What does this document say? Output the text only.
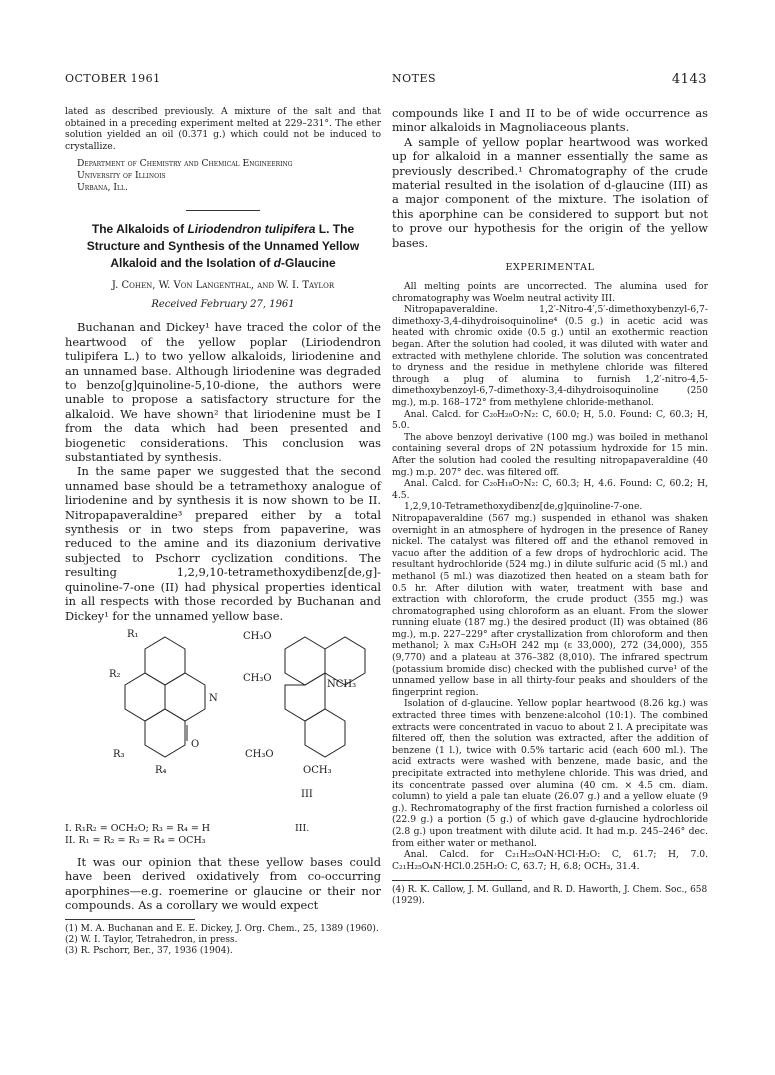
OCTOBER 1961	NOTES	4143

lated as described previously. A mixture of the salt and that obtained in a preceding experiment melted at 229–231°. The ether solution yielded an oil (0.371 g.) which could not be induced to crystallize.

Department of Chemistry and Chemical Engineering
University of Illinois
Urbana, Ill.
The Alkaloids of Liriodendron tulipifera L. The Structure and Synthesis of the Unnamed Yellow Alkaloid and the Isolation of d-Glaucine
J. Cohen, W. Von Langenthal, and W. I. Taylor
Received February 27, 1961

Buchanan and Dickey¹ have traced the color of the heartwood of the yellow poplar (Liriodendron tulipifera L.) to two yellow alkaloids, liriodenine and an unnamed base. Although liriodenine was degraded to benzo[g]quinoline-5,10-dione, the authors were unable to propose a satisfactory structure for the alkaloid. We have shown² that liriodenine must be I from the data which had been presented and biogenetic considerations. This conclusion was substantiated by synthesis.

In the same paper we suggested that the second unnamed base should be a tetramethoxy analogue of liriodenine and by synthesis it is now shown to be II. Nitropapaveraldine³ prepared either by a total synthesis or in two steps from papaverine, was reduced to the amine and its diazonium derivative subjected to Pschorr cyclization conditions. The resulting 1,2,9,10-tetramethoxydibenz[de,g]-quinoline-7-one (II) had physical properties identical in all respects with those recorded by Buchanan and Dickey¹ for the unnamed yellow base.

R₁
R₂
N
O
R₃
R₄
CH₃O
CH₃O
NCH₃
CH₃O
OCH₃
III
I. R₁R₂ = OCH₂O; R₃ = R₄ = H	III.
II. R₁ = R₂ = R₃ = R₄ = OCH₃

It was our opinion that these yellow bases could have been derived oxidatively from co-occurring aporphines—e.g. roemerine or glaucine or their nor compounds. As a corollary we would expect

(1) M. A. Buchanan and E. E. Dickey, J. Org. Chem., 25, 1389 (1960).
(2) W. I. Taylor, Tetrahedron, in press.
(3) R. Pschorr, Ber., 37, 1936 (1904).

compounds like I and II to be of wide occurrence as minor alkaloids in Magnoliaceous plants.

A sample of yellow poplar heartwood was worked up for alkaloid in a manner essentially the same as previously described.¹ Chromatography of the crude material resulted in the isolation of d-glaucine (III) as a major component of the mixture. The isolation of this aporphine can be considered to support but not to prove our hypothesis for the origin of the yellow bases.

EXPERIMENTAL

All melting points are uncorrected. The alumina used for chromatography was Woelm neutral activity III.

Nitropapaveraldine. 1,2′-Nitro-4′,5′-dimethoxybenzyl-6,7-dimethoxy-3,4-dihydroisoquinoline⁴ (0.5 g.) in acetic acid was heated with chromic oxide (0.5 g.) until an exothermic reaction began. After the solution had cooled, it was diluted with water and extracted with methylene chloride. The solution was concentrated to dryness and the residue in methylene chloride was filtered through a plug of alumina to furnish 1,2′-nitro-4,5-dimethoxybenzoyl-6,7-dimethoxy-3,4-dihydroisoquinoline (250 mg.), m.p. 168–172° from methylene chloride-methanol.

Anal. Calcd. for C₂₀H₂₀O₇N₂: C, 60.0; H, 5.0. Found: C, 60.3; H, 5.0.

The above benzoyl derivative (100 mg.) was boiled in methanol containing several drops of 2N potassium hydroxide for 15 min. After the solution had cooled the resulting nitropapaveraldine (40 mg.) m.p. 207° dec. was filtered off.

Anal. Calcd. for C₂₀H₁₈O₇N₂: C, 60.3; H, 4.6. Found: C, 60.2; H, 4.5.

1,2,9,10-Tetramethoxydibenz[de,g]quinoline-7-one. Nitropapaveraldine (567 mg.) suspended in ethanol was shaken overnight in an atmosphere of hydrogen in the presence of Raney nickel. The catalyst was filtered off and the ethanol removed in vacuo after the addition of a few drops of hydrochloric acid. The resultant hydrochloride (524 mg.) in dilute sulfuric acid (5 ml.) and methanol (5 ml.) was diazotized then heated on a steam bath for 0.5 hr. After dilution with water, treatment with base and extraction with chloroform, the crude product (355 mg.) was chromatographed using chloroform as an eluant. From the slower running eluate (187 mg.) the desired product (II) was obtained (86 mg.), m.p. 227–229° after crystallization from chloroform and then methanol; λ max C₂H₅OH 242 mμ (ε 33,000), 272 (34,000), 355 (9,770) and a plateau at 376–382 (8,010). The infrared spectrum (potassium bromide disc) checked with the published curve¹ of the unnamed yellow base in all thirty-four peaks and shoulders of the fingerprint region.

Isolation of d-glaucine. Yellow poplar heartwood (8.26 kg.) was extracted three times with benzene:alcohol (10:1). The combined extracts were concentrated in vacuo to about 2 l. A precipitate was filtered off, then the solution was extracted, after the addition of benzene (1 l.), twice with 0.5% tartaric acid (each 600 ml.). The acid extracts were washed with benzene, made basic, and the precipitate extracted into methylene chloride. This was dried, and its concentrate passed over alumina (40 cm. × 4.5 cm. diam. column) to yield a pale tan eluate (26.07 g.) and a yellow eluate (9 g.). Rechromatography of the first fraction furnished a colorless oil (22.9 g.) a portion (5 g.) of which gave d-glaucine hydrochloride (2.8 g.) upon treatment with dilute acid. It had m.p. 245–246° dec. from either water or methanol.

Anal. Calcd. for C₂₁H₂₅O₄N·HCl·H₂O: C, 61.7; H, 7.0. C₂₁H₂₅O₄N·HCl.0.25H₂O: C, 63.7; H, 6.8; OCH₃, 31.4.

(4) R. K. Callow, J. M. Gulland, and R. D. Haworth, J. Chem. Soc., 658 (1929).
